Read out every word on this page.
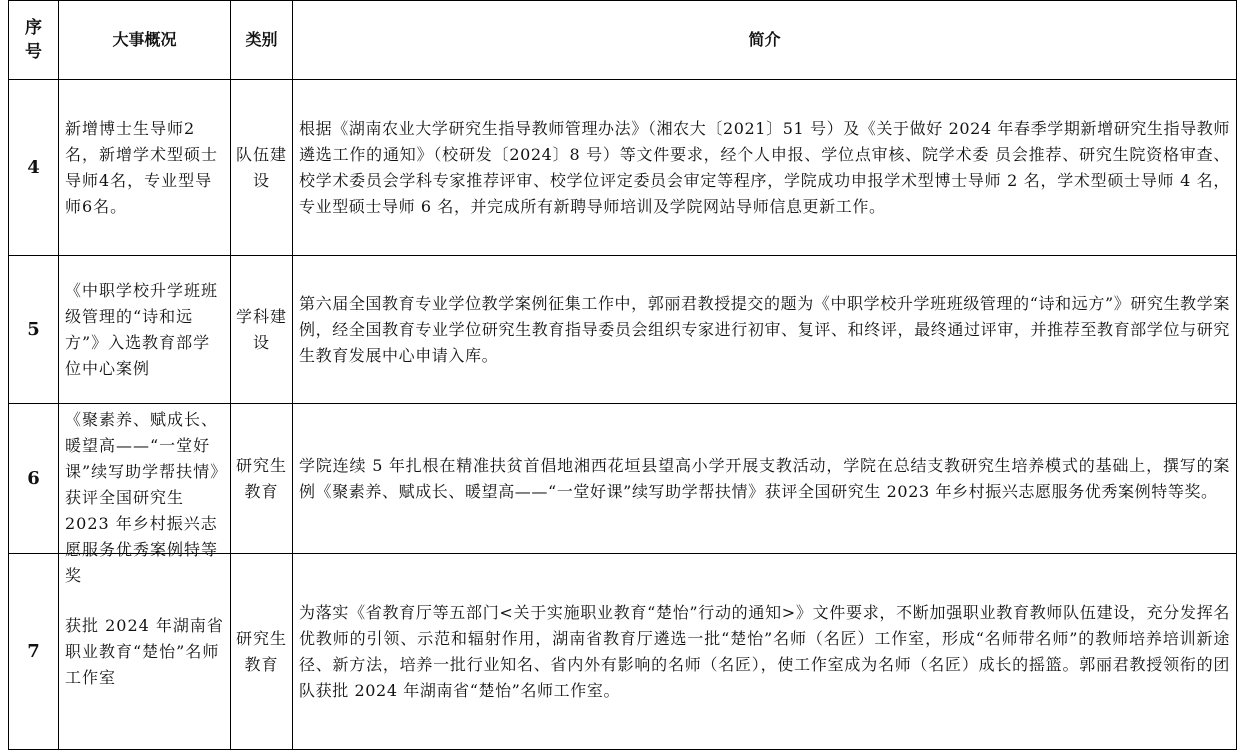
序
号	大事概况	类别	简介
4	新增博士生导师2名，新增学术型硕士导师4名，专业型导师6名。	队伍建设	根据《湖南农业大学研究生指导教师管理办法》（湘农大〔2021〕51 号）及《关于做好 2024 年春季学期新增研究生指导教师遴选工作的通知》（校研发〔2024〕8 号）等文件要求，经个人申报、学位点审核、院学术委 员会推荐、研究生院资格审查、校学术委员会学科专家推荐评审、校学位评定委员会审定等程序，学院成功申报学术型博士导师 2 名，学术型硕士导师 4 名，专业型硕士导师 6 名，并完成所有新聘导师培训及学院网站导师信息更新工作。
5	《中职学校升学班班级管理的“诗和远方”》入选教育部学位中心案例	学科建设	第六届全国教育专业学位教学案例征集工作中，郭丽君教授提交的题为《中职学校升学班班级管理的“诗和远方”》研究生教学案例，经全国教育专业学位研究生教育指导委员会组织专家进行初审、复评、和终评，最终通过评审，并推荐至教育部学位与研究生教育发展中心申请入库。
6	《聚素养、赋成长、暖望高——“一堂好课”续写助学帮扶情》获评全国研究生 2023 年乡村振兴志愿服务优秀案例特等奖	研究生教育	学院连续 5 年扎根在精准扶贫首倡地湘西花垣县望高小学开展支教活动，学院在总结支教研究生培养模式的基础上，撰写的案例《聚素养、赋成长、暖望高——“一堂好课”续写助学帮扶情》获评全国研究生 2023 年乡村振兴志愿服务优秀案例特等奖。
7	获批 2024 年湖南省职业教育“楚怡”名师工作室	研究生教育	为落实《省教育厅等五部门<关于实施职业教育“楚怡”行动的通知>》文件要求，不断加强职业教育教师队伍建设，充分发挥名优教师的引领、示范和辐射作用，湖南省教育厅遴选一批“楚怡”名师（名匠）工作室，形成“名师带名师”的教师培养培训新途径、新方法，培养一批行业知名、省内外有影响的名师（名匠），使工作室成为名师（名匠）成长的摇篮。郭丽君教授领衔的团队获批 2024 年湖南省“楚怡”名师工作室。
